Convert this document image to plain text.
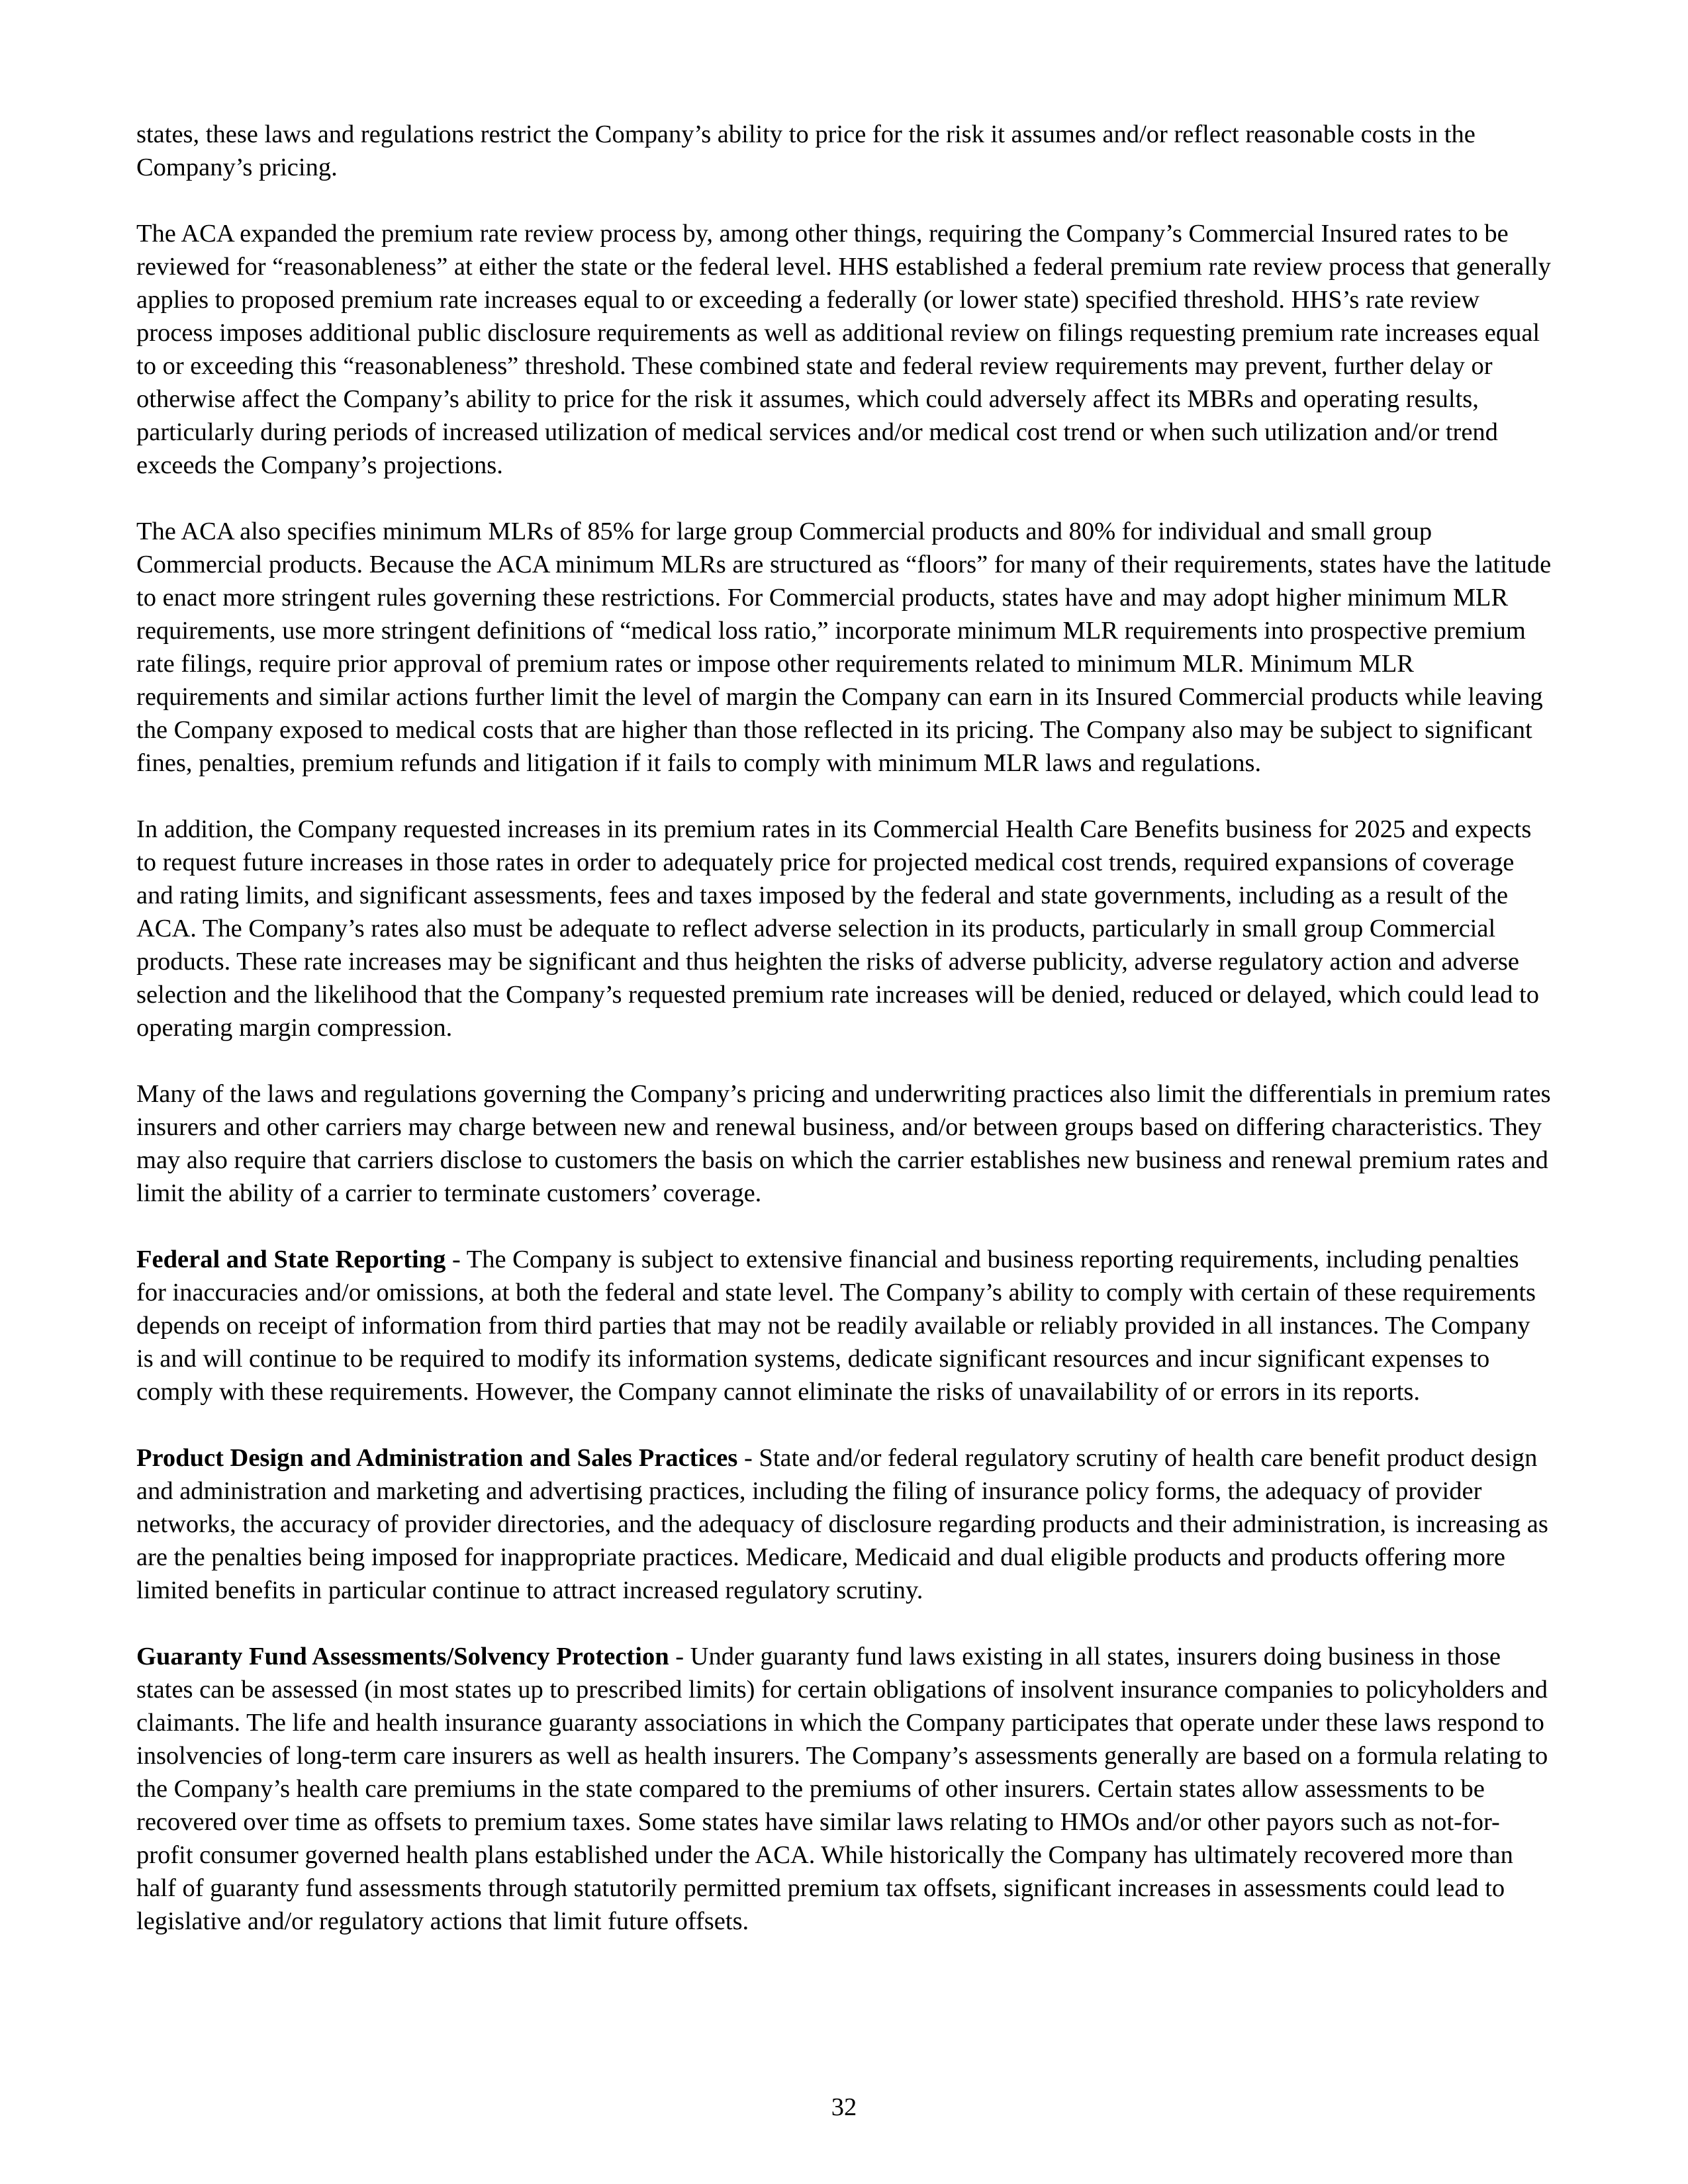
states, these laws and regulations restrict the Company’s ability to price for the risk it assumes and/or reflect reasonable costs in the Company’s pricing.

The ACA expanded the premium rate review process by, among other things, requiring the Company’s Commercial Insured rates to be reviewed for “reasonableness” at either the state or the federal level. HHS established a federal premium rate review process that generally applies to proposed premium rate increases equal to or exceeding a federally (or lower state) specified threshold. HHS’s rate review process imposes additional public disclosure requirements as well as additional review on filings requesting premium rate increases equal to or exceeding this “reasonableness” threshold. These combined state and federal review requirements may prevent, further delay or otherwise affect the Company’s ability to price for the risk it assumes, which could adversely affect its MBRs and operating results, particularly during periods of increased utilization of medical services and/or medical cost trend or when such utilization and/or trend exceeds the Company’s projections.

The ACA also specifies minimum MLRs of 85% for large group Commercial products and 80% for individual and small group Commercial products. Because the ACA minimum MLRs are structured as “floors” for many of their requirements, states have the latitude to enact more stringent rules governing these restrictions. For Commercial products, states have and may adopt higher minimum MLR requirements, use more stringent definitions of “medical loss ratio,” incorporate minimum MLR requirements into prospective premium rate filings, require prior approval of premium rates or impose other requirements related to minimum MLR. Minimum MLR requirements and similar actions further limit the level of margin the Company can earn in its Insured Commercial products while leaving the Company exposed to medical costs that are higher than those reflected in its pricing. The Company also may be subject to significant fines, penalties, premium refunds and litigation if it fails to comply with minimum MLR laws and regulations.

In addition, the Company requested increases in its premium rates in its Commercial Health Care Benefits business for 2025 and expects to request future increases in those rates in order to adequately price for projected medical cost trends, required expansions of coverage and rating limits, and significant assessments, fees and taxes imposed by the federal and state governments, including as a result of the ACA. The Company’s rates also must be adequate to reflect adverse selection in its products, particularly in small group Commercial products. These rate increases may be significant and thus heighten the risks of adverse publicity, adverse regulatory action and adverse selection and the likelihood that the Company’s requested premium rate increases will be denied, reduced or delayed, which could lead to operating margin compression.

Many of the laws and regulations governing the Company’s pricing and underwriting practices also limit the differentials in premium rates insurers and other carriers may charge between new and renewal business, and/or between groups based on differing characteristics. They may also require that carriers disclose to customers the basis on which the carrier establishes new business and renewal premium rates and limit the ability of a carrier to terminate customers’ coverage.

Federal and State Reporting - The Company is subject to extensive financial and business reporting requirements, including penalties for inaccuracies and/or omissions, at both the federal and state level. The Company’s ability to comply with certain of these requirements depends on receipt of information from third parties that may not be readily available or reliably provided in all instances. The Company is and will continue to be required to modify its information systems, dedicate significant resources and incur significant expenses to comply with these requirements. However, the Company cannot eliminate the risks of unavailability of or errors in its reports.

Product Design and Administration and Sales Practices - State and/or federal regulatory scrutiny of health care benefit product design and administration and marketing and advertising practices, including the filing of insurance policy forms, the adequacy of provider networks, the accuracy of provider directories, and the adequacy of disclosure regarding products and their administration, is increasing as are the penalties being imposed for inappropriate practices. Medicare, Medicaid and dual eligible products and products offering more limited benefits in particular continue to attract increased regulatory scrutiny.

Guaranty Fund Assessments/Solvency Protection - Under guaranty fund laws existing in all states, insurers doing business in those states can be assessed (in most states up to prescribed limits) for certain obligations of insolvent insurance companies to policyholders and claimants. The life and health insurance guaranty associations in which the Company participates that operate under these laws respond to insolvencies of long-term care insurers as well as health insurers. The Company’s assessments generally are based on a formula relating to the Company’s health care premiums in the state compared to the premiums of other insurers. Certain states allow assessments to be recovered over time as offsets to premium taxes. Some states have similar laws relating to HMOs and/or other payors such as not-for-profit consumer governed health plans established under the ACA. While historically the Company has ultimately recovered more than half of guaranty fund assessments through statutorily permitted premium tax offsets, significant increases in assessments could lead to legislative and/or regulatory actions that limit future offsets.

32
